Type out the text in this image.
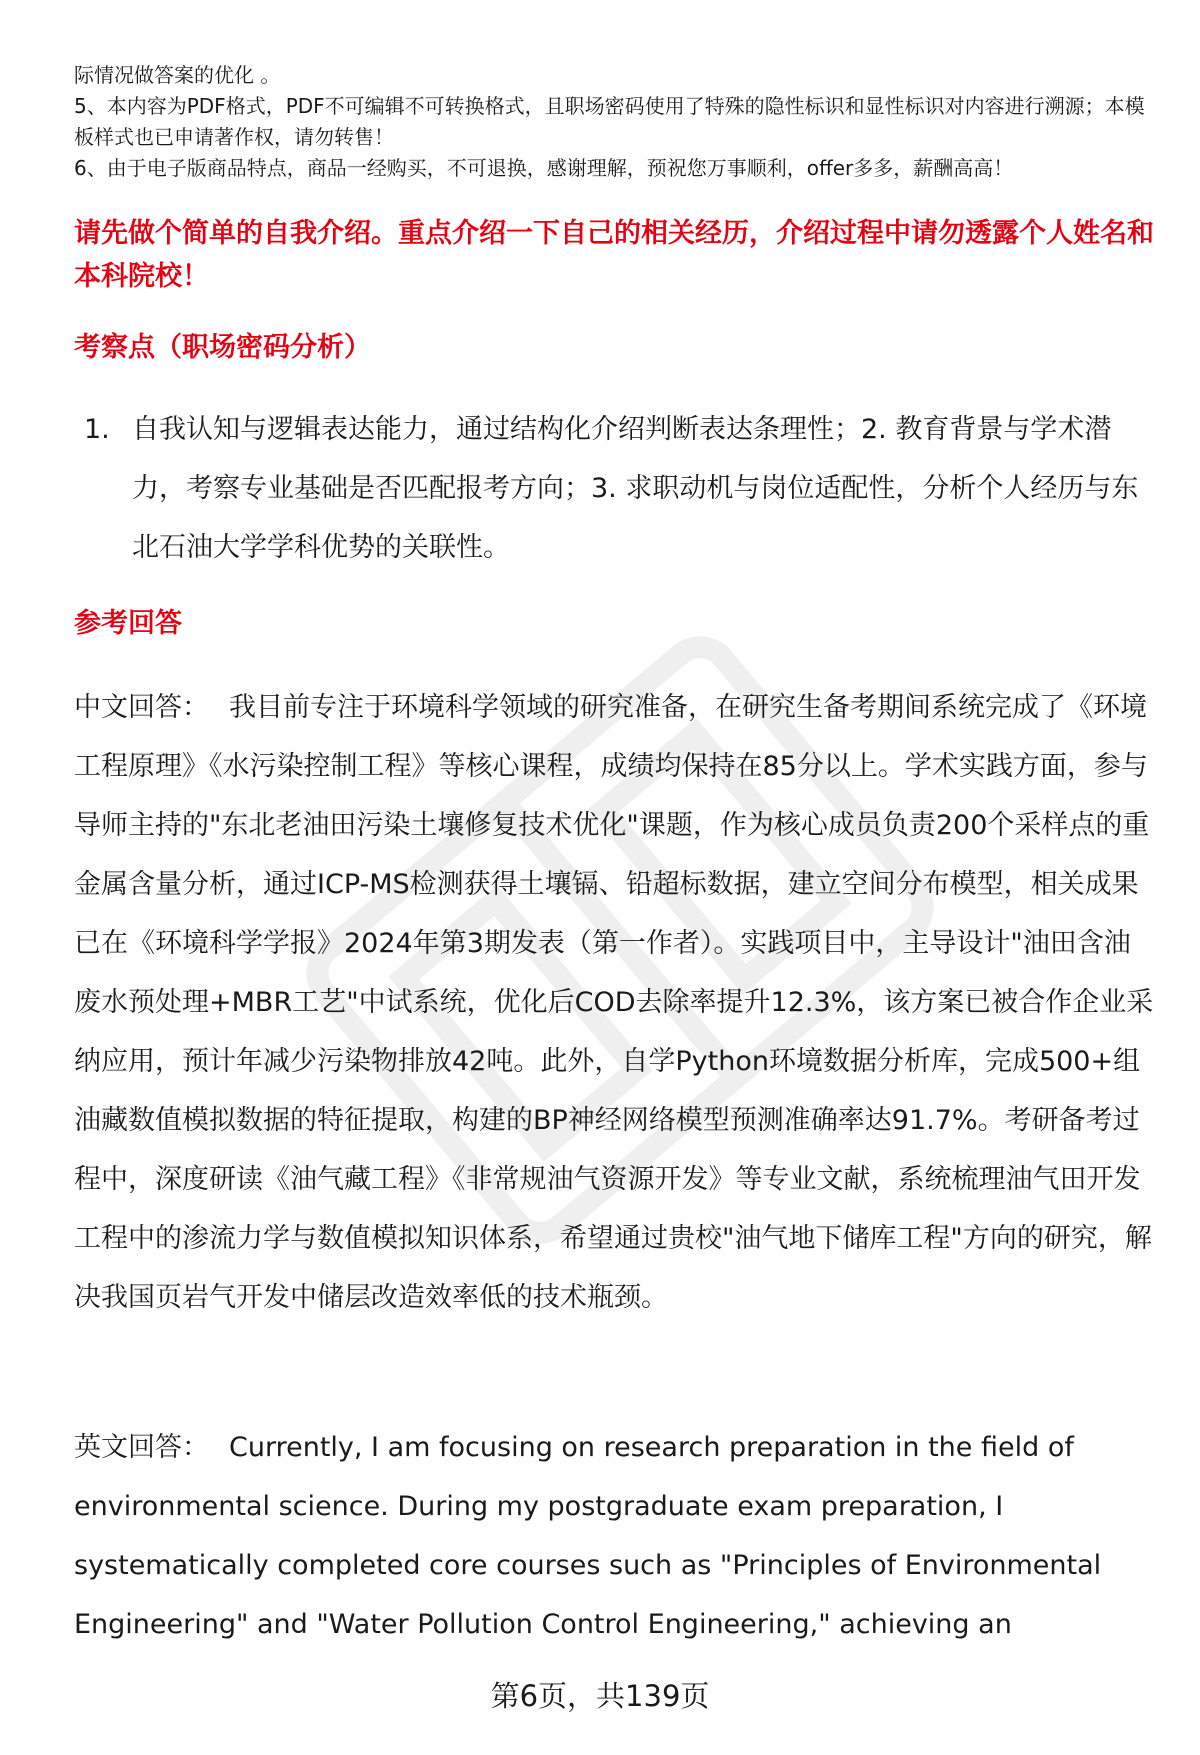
际情况做答案的优化 。

5、本内容为PDF格式，PDF不可编辑不可转换格式，且职场密码使用了特殊的隐性标识和显性标识对内容进行溯源；本模板样式也已申请著作权，请勿转售！

6、由于电子版商品特点，商品一经购买，不可退换，感谢理解，预祝您万事顺利，offer多多，薪酬高高！

请先做个简单的自我介绍。重点介绍一下自己的相关经历，介绍过程中请勿透露个人姓名和本科院校！
考察点（职场密码分析）
1. 自我认知与逻辑表达能力，通过结构化介绍判断表达条理性；2. 教育背景与学术潜力，考察专业基础是否匹配报考方向；3. 求职动机与岗位适配性，分析个人经历与东北石油大学学科优势的关联性。
参考回答

中文回答： 我目前专注于环境科学领域的研究准备，在研究生备考期间系统完成了《环境工程原理》《水污染控制工程》等核心课程，成绩均保持在85分以上。学术实践方面，参与导师主持的"东北老油田污染土壤修复技术优化"课题，作为核心成员负责200个采样点的重金属含量分析，通过ICP-MS检测获得土壤镉、铅超标数据，建立空间分布模型，相关成果已在《环境科学学报》2024年第3期发表（第一作者）。实践项目中，主导设计"油田含油废水预处理+MBR工艺"中试系统，优化后COD去除率提升12.3%，该方案已被合作企业采纳应用，预计年减少污染物排放42吨。此外，自学Python环境数据分析库，完成500+组油藏数值模拟数据的特征提取，构建的BP神经网络模型预测准确率达91.7%。考研备考过程中，深度研读《油气藏工程》《非常规油气资源开发》等专业文献，系统梳理油气田开发工程中的渗流力学与数值模拟知识体系，希望通过贵校"油气地下储库工程"方向的研究，解决我国页岩气开发中储层改造效率低的技术瓶颈。

英文回答： Currently, I am focusing on research preparation in the field of environmental science. During my postgraduate exam preparation, I systematically completed core courses such as "Principles of Environmental Engineering" and "Water Pollution Control Engineering," achieving an

第6页，共139页
